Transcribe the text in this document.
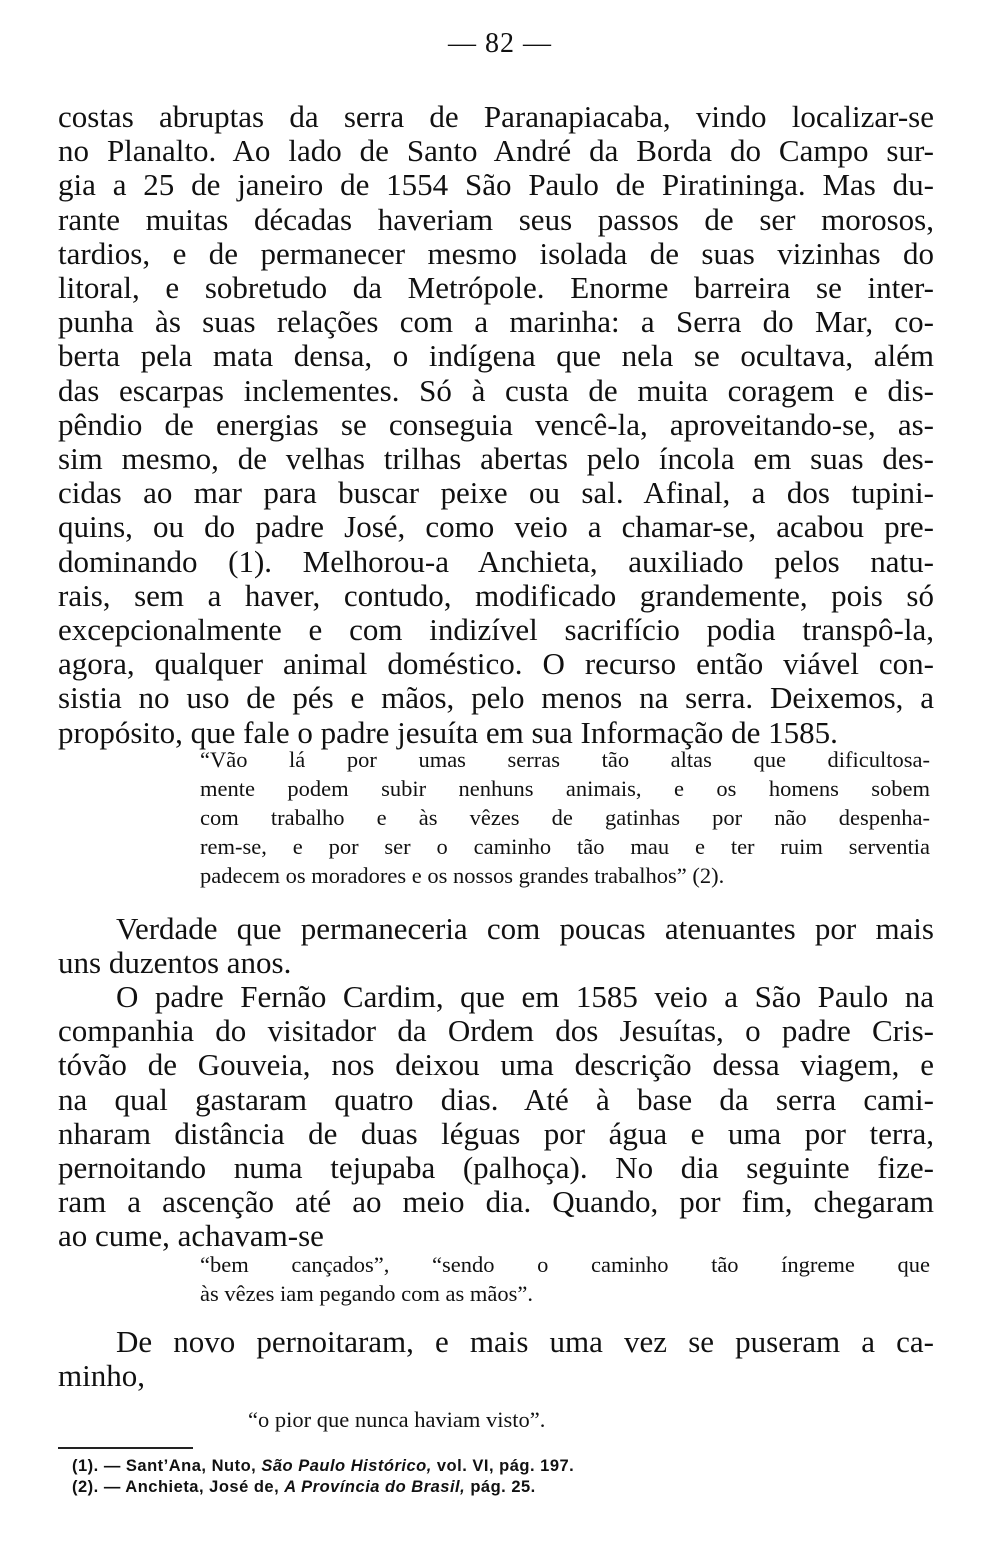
— 82 —
costas abruptas da serra de Paranapiacaba, vindo localizar-se
no Planalto. Ao lado de Santo André da Borda do Campo sur-
gia a 25 de janeiro de 1554 São Paulo de Piratininga. Mas du-
rante muitas décadas haveriam seus passos de ser morosos,
tardios, e de permanecer mesmo isolada de suas vizinhas do
litoral, e sobretudo da Metrópole. Enorme barreira se inter-
punha às suas relações com a marinha: a Serra do Mar, co-
berta pela mata densa, o indígena que nela se ocultava, além
das escarpas inclementes. Só à custa de muita coragem e dis-
pêndio de energias se conseguia vencê-la, aproveitando-se, as-
sim mesmo, de velhas trilhas abertas pelo íncola em suas des-
cidas ao mar para buscar peixe ou sal. Afinal, a dos tupini-
quins, ou do padre José, como veio a chamar-se, acabou pre-
dominando (1). Melhorou-a Anchieta, auxiliado pelos natu-
rais, sem a haver, contudo, modificado grandemente, pois só
excepcionalmente e com indizível sacrifício podia transpô-la,
agora, qualquer animal doméstico. O recurso então viável con-
sistia no uso de pés e mãos, pelo menos na serra. Deixemos, a
propósito, que fale o padre jesuíta em sua Informação de 1585.
“Vão lá por umas serras tão altas que dificultosa-
mente podem subir nenhuns animais, e os homens sobem
com trabalho e às vêzes de gatinhas por não despenha-
rem-se, e por ser o caminho tão mau e ter ruim serventia
padecem os moradores e os nossos grandes trabalhos” (2).
Verdade que permaneceria com poucas atenuantes por mais
uns duzentos anos.
O padre Fernão Cardim, que em 1585 veio a São Paulo na
companhia do visitador da Ordem dos Jesuítas, o padre Cris-
tóvão de Gouveia, nos deixou uma descrição dessa viagem, e
na qual gastaram quatro dias. Até à base da serra cami-
nharam distância de duas léguas por água e uma por terra,
pernoitando numa tejupaba (palhoça). No dia seguinte fize-
ram a ascenção até ao meio dia. Quando, por fim, chegaram
ao cume, achavam-se
“bem cançados”, “sendo o caminho tão íngreme que
às vêzes iam pegando com as mãos”.
De novo pernoitaram, e mais uma vez se puseram a ca-
minho,
“o pior que nunca haviam visto”.
(1). — Sant’Ana, Nuto, São Paulo Histórico, vol. VI, pág. 197.
(2). — Anchieta, José de, A Província do Brasil, pág. 25.
